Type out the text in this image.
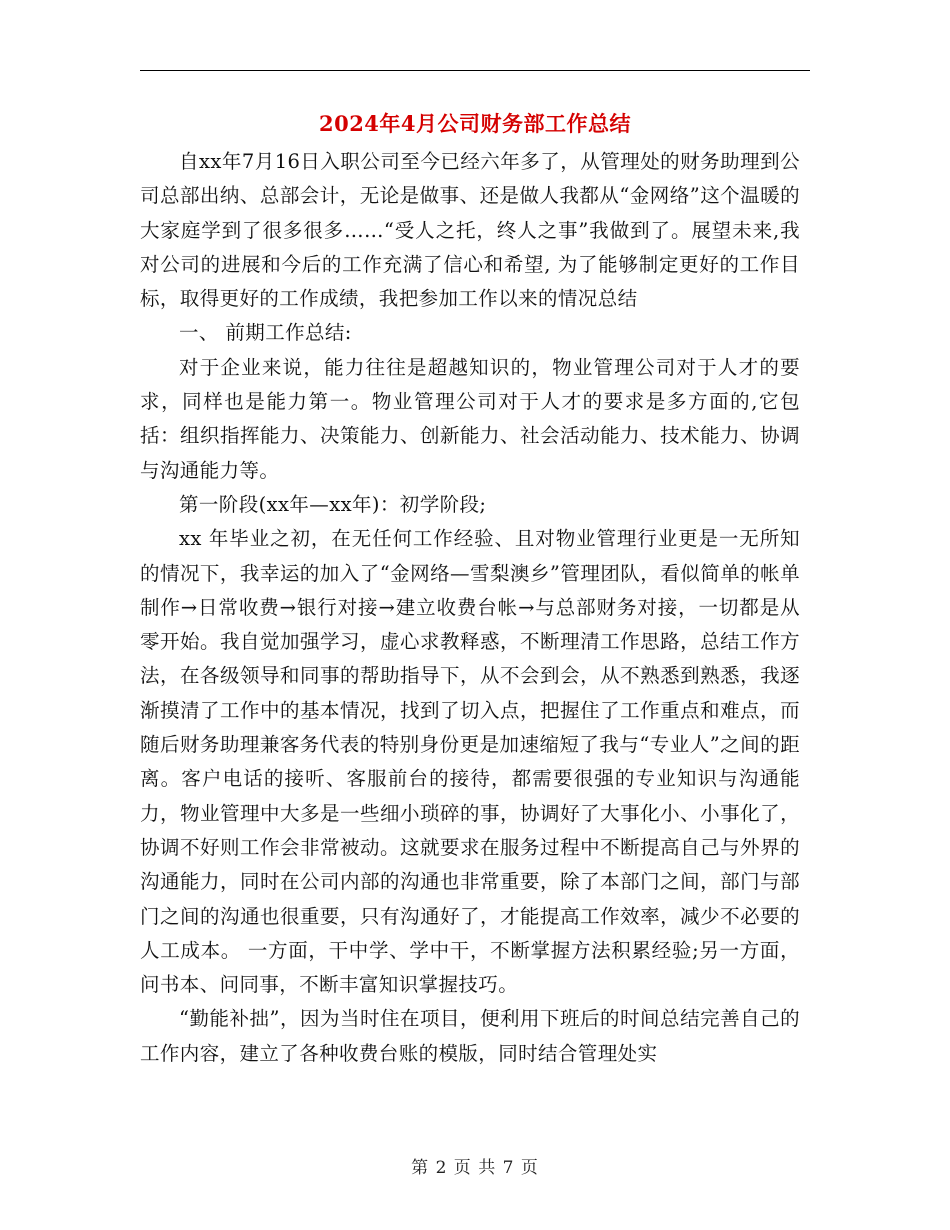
2024年4月公司财务部工作总结

自xx年7月16日入职公司至今已经六年多了，从管理处的财务助理到公司总部出纳、总部会计，无论是做事、还是做人我都从“金网络”这个温暖的大家庭学到了很多很多……“受人之托，终人之事”我做到了。展望未来,我对公司的进展和今后的工作充满了信心和希望, 为了能够制定更好的工作目标，取得更好的工作成绩，我把参加工作以来的情况总结

一、 前期工作总结:

对于企业来说，能力往往是超越知识的，物业管理公司对于人才的要求，同样也是能力第一。物业管理公司对于人才的要求是多方面的,它包括：组织指挥能力、决策能力、创新能力、社会活动能力、技术能力、协调与沟通能力等。

第一阶段(xx年—xx年)：初学阶段;

xx 年毕业之初，在无任何工作经验、且对物业管理行业更是一无所知的情况下，我幸运的加入了“金网络—雪梨澳乡”管理团队，看似简单的帐单制作→日常收费→银行对接→建立收费台帐→与总部财务对接，一切都是从零开始。我自觉加强学习，虚心求教释惑，不断理清工作思路，总结工作方法，在各级领导和同事的帮助指导下，从不会到会，从不熟悉到熟悉，我逐渐摸清了工作中的基本情况，找到了切入点，把握住了工作重点和难点，而随后财务助理兼客务代表的特别身份更是加速缩短了我与“专业人”之间的距离。客户电话的接听、客服前台的接待，都需要很强的专业知识与沟通能力，物业管理中大多是一些细小琐碎的事，协调好了大事化小、小事化了，协调不好则工作会非常被动。这就要求在服务过程中不断提高自己与外界的沟通能力，同时在公司内部的沟通也非常重要，除了本部门之间，部门与部门之间的沟通也很重要，只有沟通好了，才能提高工作效率，减少不必要的人工成本。 一方面，干中学、学中干，不断掌握方法积累经验;另一方面，问书本、问同事，不断丰富知识掌握技巧。

“勤能补拙”，因为当时住在项目，便利用下班后的时间总结完善自己的工作内容，建立了各种收费台账的模版，同时结合管理处实

第 2 页 共 7 页
